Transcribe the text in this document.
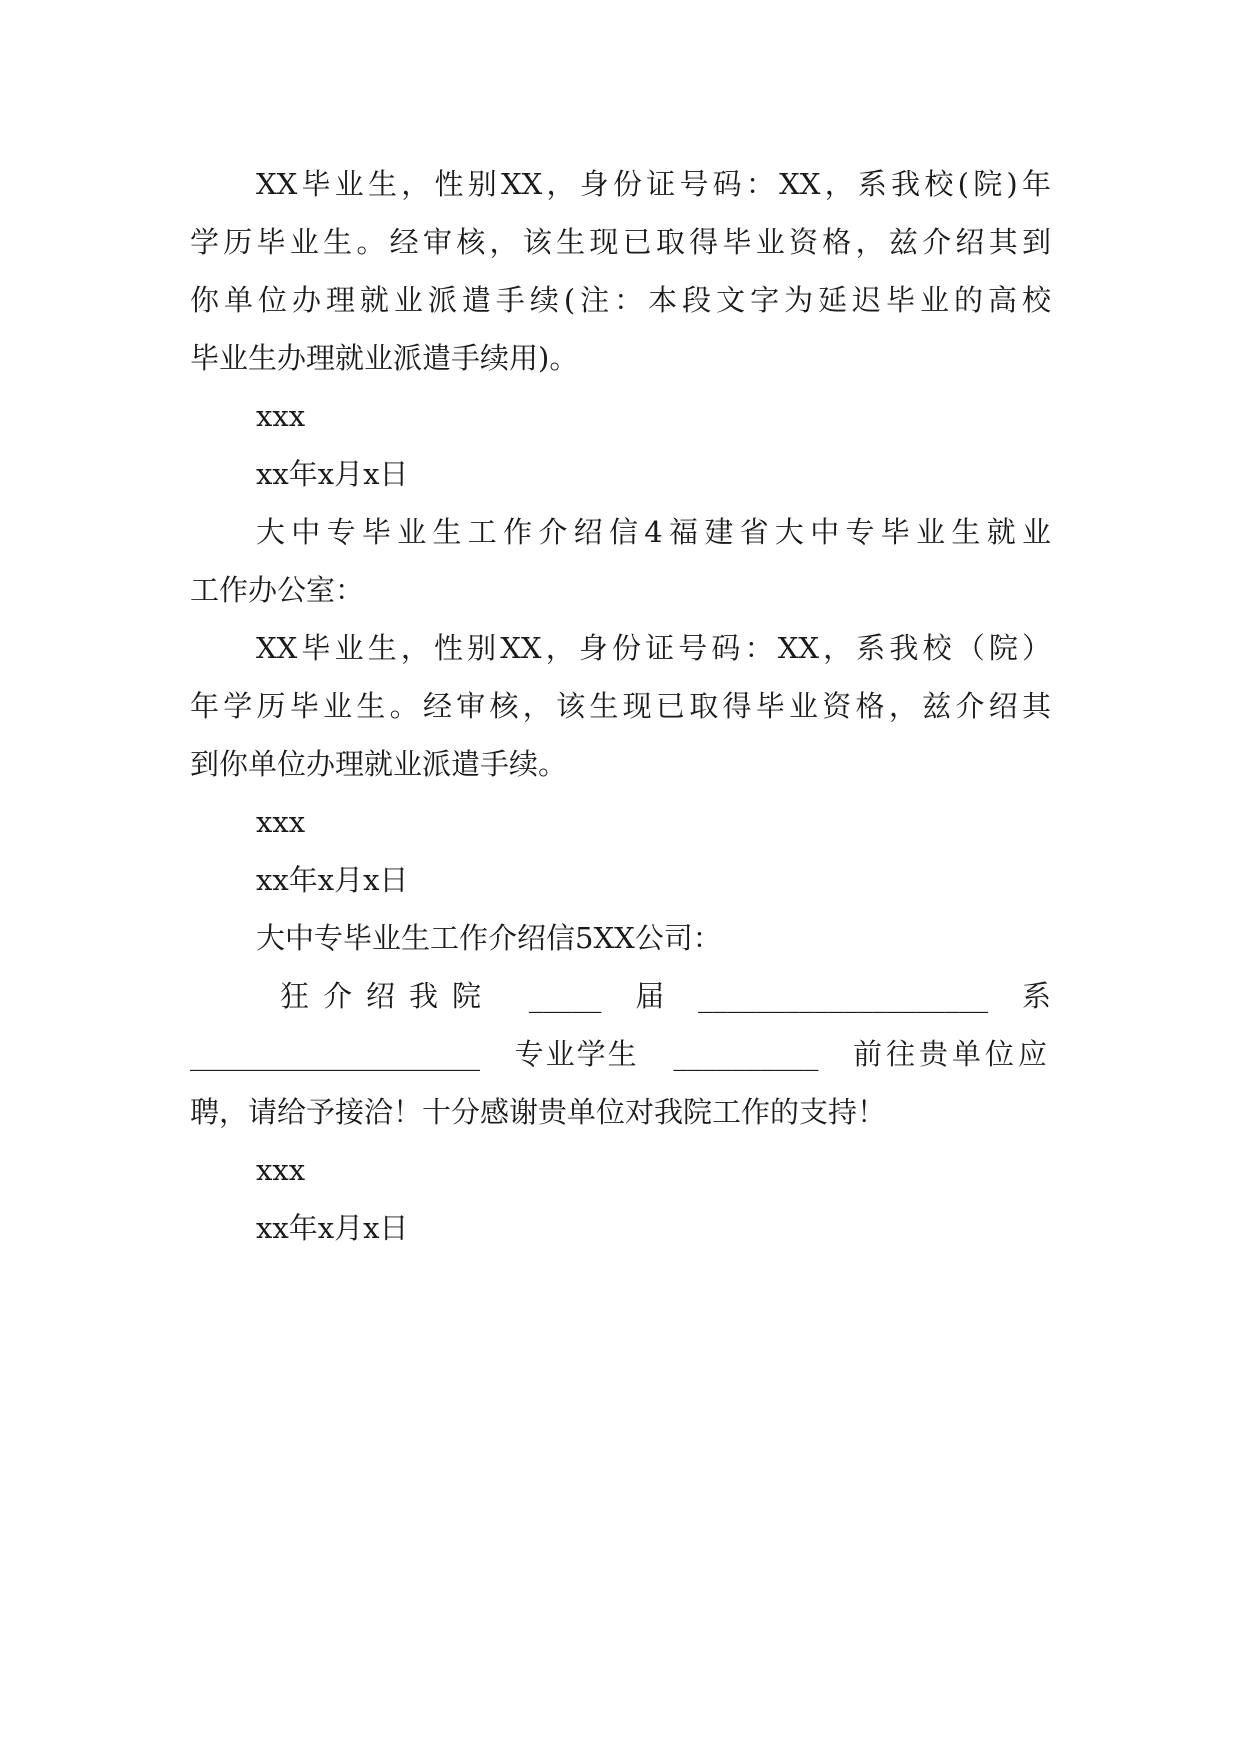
XX毕业生，性别XX，身份证号码：XX，系我校(院)年
学历毕业生。经审核，该生现已取得毕业资格，兹介绍其到
你单位办理就业派遣手续(注：本段文字为延迟毕业的高校
毕业生办理就业派遣手续用)。
xxx
xx年x月x日
大中专毕业生工作介绍信4福建省大中专毕业生就业
工作办公室：
XX毕业生，性别XX，身份证号码：XX，系我校（院）
年学历毕业生。经审核，该生现已取得毕业资格，兹介绍其
到你单位办理就业派遣手续。
xxx
xx年x月x日
大中专毕业生工作介绍信5XX公司：
狂介绍我院 _____ 届 ____________________ 系
____________________ 专业学生 __________ 前往贵单位应
聘，请给予接洽！十分感谢贵单位对我院工作的支持！
xxx
xx年x月x日
